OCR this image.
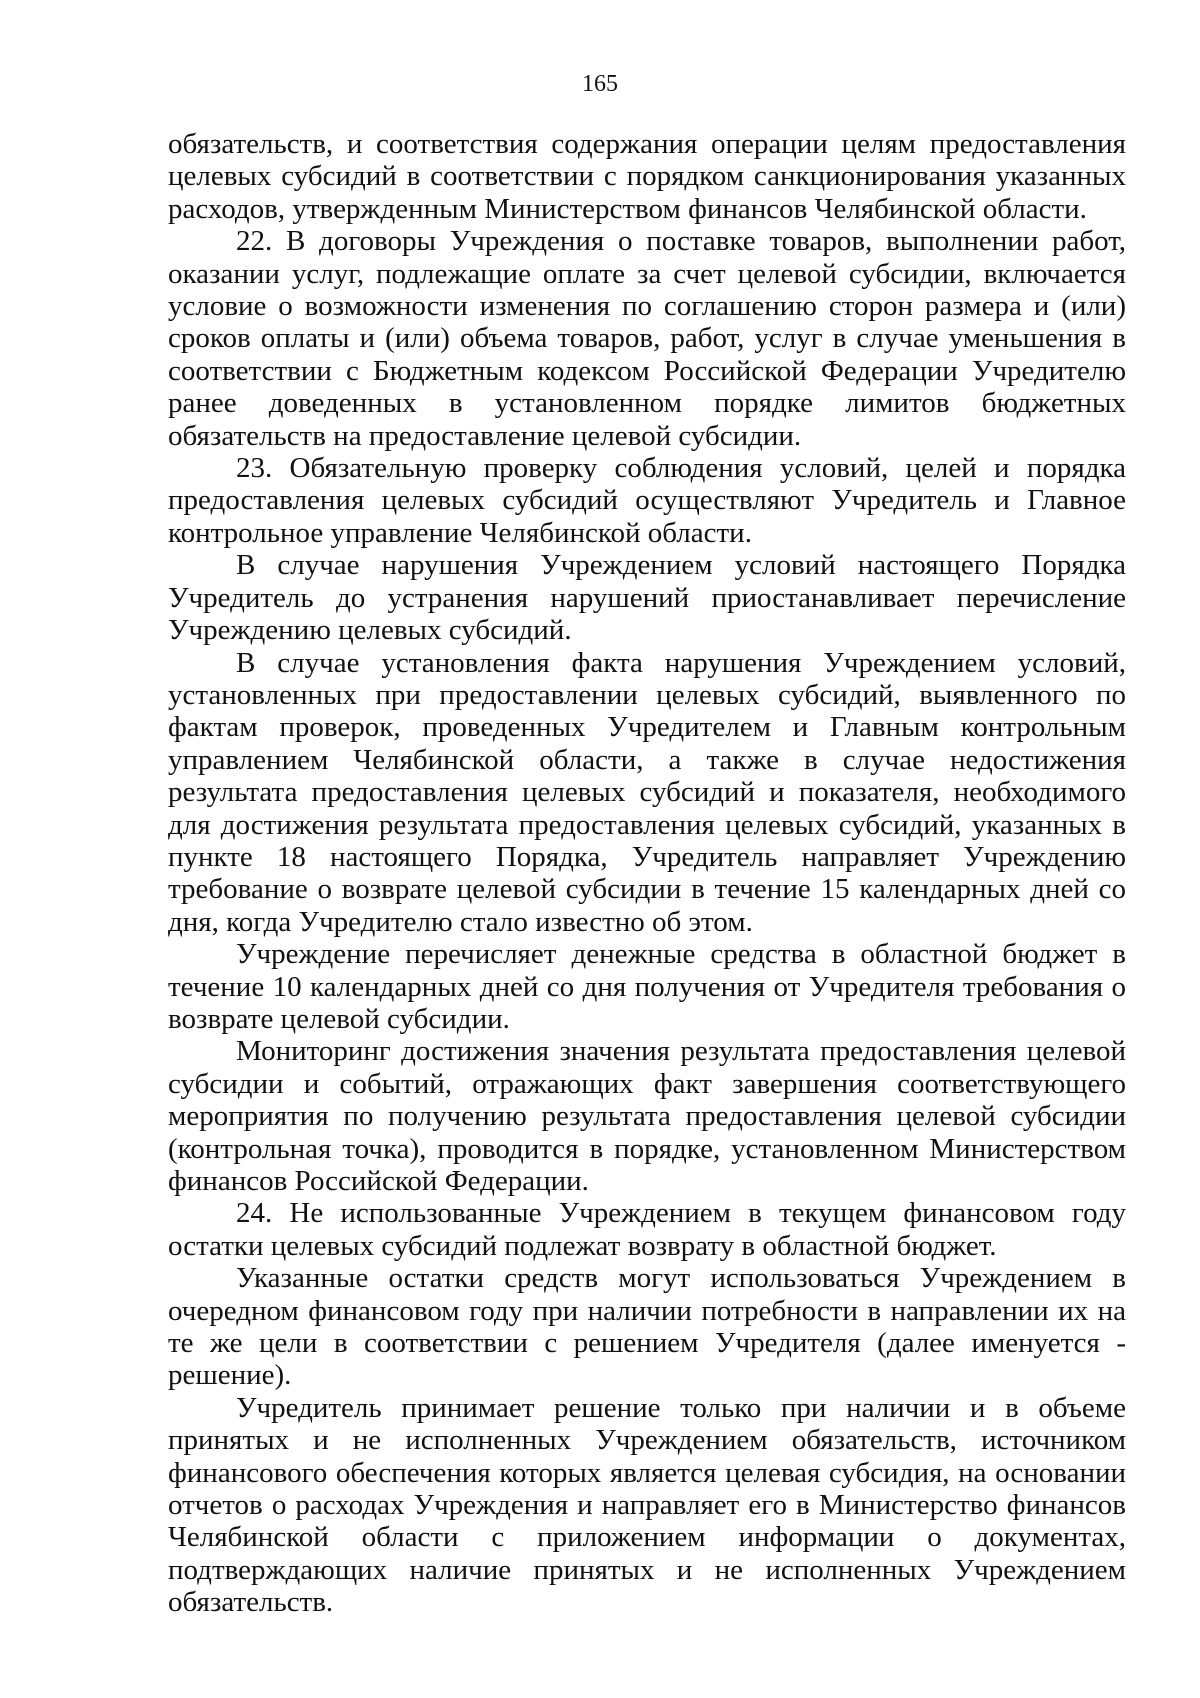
165

обязательств, и соответствия содержания операции целям предоставления целевых субсидий в соответствии с порядком санкционирования указанных расходов, утвержденным Министерством финансов Челябинской области.

22. В договоры Учреждения о поставке товаров, выполнении работ, оказании услуг, подлежащие оплате за счет целевой субсидии, включается условие о возможности изменения по соглашению сторон размера и (или) сроков оплаты и (или) объема товаров, работ, услуг в случае уменьшения в соответствии с Бюджетным кодексом Российской Федерации Учредителю ранее доведенных в установленном порядке лимитов бюджетных обязательств на предоставление целевой субсидии.

23. Обязательную проверку соблюдения условий, целей и порядка предоставления целевых субсидий осуществляют Учредитель и Главное контрольное управление Челябинской области.

В случае нарушения Учреждением условий настоящего Порядка Учредитель до устранения нарушений приостанавливает перечисление Учреждению целевых субсидий.

В случае установления факта нарушения Учреждением условий, установленных при предоставлении целевых субсидий, выявленного по фактам проверок, проведенных Учредителем и Главным контрольным управлением Челябинской области, а также в случае недостижения результата предоставления целевых субсидий и показателя, необходимого для достижения результата предоставления целевых субсидий, указанных в пункте 18 настоящего Порядка, Учредитель направляет Учреждению требование о возврате целевой субсидии в течение 15 календарных дней со дня, когда Учредителю стало известно об этом.

Учреждение перечисляет денежные средства в областной бюджет в течение 10 календарных дней со дня получения от Учредителя требования о возврате целевой субсидии.

Мониторинг достижения значения результата предоставления целевой субсидии и событий, отражающих факт завершения соответствующего мероприятия по получению результата предоставления целевой субсидии (контрольная точка), проводится в порядке, установленном Министерством финансов Российской Федерации.

24. Не использованные Учреждением в текущем финансовом году остатки целевых субсидий подлежат возврату в областной бюджет.

Указанные остатки средств могут использоваться Учреждением в очередном финансовом году при наличии потребности в направлении их на те же цели в соответствии с решением Учредителя (далее именуется - решение).

Учредитель принимает решение только при наличии и в объеме принятых и не исполненных Учреждением обязательств, источником финансового обеспечения которых является целевая субсидия, на основании отчетов о расходах Учреждения и направляет его в Министерство финансов Челябинской области с приложением информации о документах, подтверждающих наличие принятых и не исполненных Учреждением обязательств.
